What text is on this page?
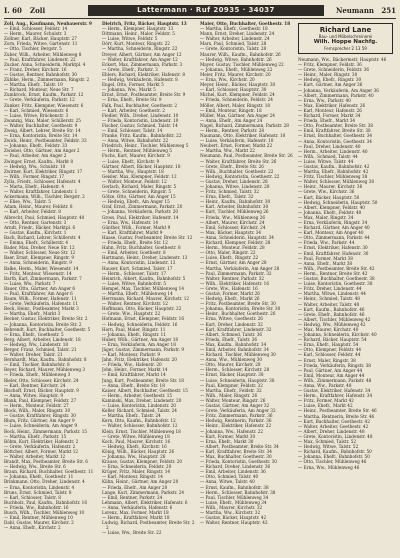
I. 60	Zoll	Lattermann · Ruf 20935 · 34037	Neumann	251

Zoll, Aug., Kaufmann, Neubauerstr. 9

— Emil, Schlosser, Feldstr. 14

— Herm., Maurer, Schulstr. 3

Zollner, Karl, Bäcker, Hauptstr. 27

Zorn, Frieda, Witwe, Gartenstr. 11

— Otto, Tischler, Bergstr. 5

Zuber, Wilh., Arbeiter, Mühlenweg 8

— Paul, Kraftfahrer, Lindenstr. 22

Zucker, Anna, Schneiderin, Marktpl. 4

— Franz, Dreher, Kirchstr. 16

— Gustav, Rentner, Bahnhofstr. 30

Zühlke, Herm., Zimmermann, Ringstr. 2

— Martha, Ehefr., Talstr. 19

— Richard, Monteur, Neue Str. 7

Zumbrock, Ernst, Kaufm., Parkstr. 12

— Grete, Verkäuferin, Parkstr. 12

Zunker, Fritz, Klempner, Wiesenstr. 6

— Karl, Schmied, Wiesenstr. 6

— Luise, Witwe, Brückenstr. 3

Zwanzig, Max, Maler, Schillerstr. 25

— Walter, Buchhalter, Goethestr. 9

Zweig, Albert, Lehrer, Breite Str. 14

— Erna, Kontoristin, Breite Str. 14

Zwick, Heinr., Postbeamter, Feldstr. 33

— Johanna, Ehefr., Feldstr. 33

Zwiebel, Otto, Gärtner, Am Anger 2

— Paul, Arbeiter, Am Anger 2

Zwinger, Ernst, Kaufm., Markt 8

— Hedwig, Ww., Schulstr. 10

Zwirner, Kurt, Elektriker, Ringstr. 17

— Wilh., Former, Ringstr. 17

Zylla, Friedr., Schlosser, Hafenstr. 4

— Marta, Ehefr., Hafenstr. 4

— Walter, Kraftfahrer, Lindenstr. 1

Ackermann, Wilh., Tischler, Bergstr. 2

— Elise, Ww., Talstr. 5

Adam, Heinr., Maurer, Feldstr. 8

— Karl, Arbeiter, Feldstr. 8

Albrecht, Paul, Schmied, Hauptstr. 40

— Otto, Rentner, Gartenstr. 3

Arndt, Friedr., Bäcker, Marktpl. 6

— Gustav, Kaufm., Kirchstr. 1

Bach, Richard, Lehrer, Schillerstr. 4

— Emma, Ehefr., Schillerstr. 4

Bader, Max, Dreher, Neue Str. 12

— Walter, Schlosser, Neue Str. 12

Baer, Ernst, Klempner, Ringstr. 9

— Anna, Schneiderin, Ringstr. 9

Balke, Herm., Maler, Wiesenstr. 14

— Fritz, Monteur, Wiesenstr. 14

Barth, Karl, Zimmermann, Parkstr. 7

— Luise, Ww., Parkstr. 7

Bauer, Otto, Gärtner, Am Anger 6

— Paul, Kraftfahrer, Am Anger 6

Baum, Wilh., Former, Hafenstr. 11

— Grete, Verkäuferin, Hafenstr. 11

Beck, Heinr., Postbeamter, Markt 3

— Martha, Ehefr., Markt 3

Becker, Gustav, Elektriker, Breite Str. 2

— Johanna, Kontoristin, Breite Str. 2

Behrendt, Kurt, Buchhalter, Goethestr. 5

— Erna, Ehefr., Goethestr. 5

Berg, Albert, Arbeiter, Lindenstr. 18

— Hedwig, Ww., Lindenstr. 18

Berger, Franz, Schmied, Talstr. 21

— Walter, Dreher, Talstr. 21

Bernhardt, Max, Kaufm., Bahnhofstr. 8

— Emil, Tischler, Bahnhofstr. 8

Beyer, Richard, Maurer, Mühlenweg 3

— Frieda, Ehefr., Mühlenweg 3

Bieler, Otto, Schlosser, Kirchstr. 24

— Karl, Rentner, Kirchstr. 24

Bischoff, Ernst, Bäcker, Hauptstr. 9

— Anna, Witwe, Hauptstr. 9

Blank, Paul, Klempner, Feldstr. 27

— Herm., Monteur, Feldstr. 27

Block, Wilh., Maler, Ringstr. 30

— Gustav, Kraftfahrer, Ringstr. 30

Blum, Fritz, Gärtner, Am Anger 9

— Luise, Schneiderin, Am Anger 9

Bock, Heinr., Zimmermann, Parkstr. 15

— Martha, Ehefr., Parkstr. 15

Böhm, Kurt, Elektriker, Hafenstr. 2

— Grete, Verkäuferin, Hafenstr. 2

Böttcher, Albert, Former, Markt 12

— Walter, Arbeiter, Markt 12

Brandt, Max, Postbeamter, Breite Str. 6

— Hedwig, Ww., Breite Str. 6

Braun, Richard, Buchhalter, Goethestr. 11

— Johanna, Ehefr., Goethestr. 11

Brinkmann, Otto, Dreher, Lindenstr. 4

— Erna, Kontoristin, Lindenstr. 4

Bruns, Ernst, Schmied, Talstr. 8

— Karl, Schlosser, Talstr. 8

Buchholz, Paul, Kaufm., Bahnhofstr. 16

— Frieda, Ww., Bahnhofstr. 16

Busch, Wilh., Tischler, Mühlenweg 10

— Emil, Rentner, Mühlenweg 10

Dahl, Gustav, Maurer, Kirchstr. 2

— Anna, Ehefr., Kirchstr. 2

Dietrich, Fritz, Bäcker, Hauptstr. 13

— Herm., Klempner, Hauptstr. 13

Dittmann, Heinr., Maler, Feldstr. 5

— Luise, Witwe, Feldstr. 5

Dörr, Kurt, Monteur, Ringstr. 22

— Martha, Schneiderin, Ringstr. 22

Dreyer, Albert, Gärtner, Am Anger 12

— Walter, Kraftfahrer, Am Anger 12

Eckert, Max, Zimmermann, Parkstr. 3

— Grete, Ehefr., Parkstr. 3

Ehlers, Richard, Elektriker, Hafenstr. 8

— Hedwig, Verkäuferin, Hafenstr. 8

Engel, Otto, Former, Markt 5

— Johanna, Ww., Markt 5

Ernst, Ernst, Postbeamter, Breite Str. 9

— Erna, Ehefr., Breite Str. 9

Falk, Paul, Buchhalter, Goethestr. 2

— Karl, Arbeiter, Goethestr. 2

Fiedler, Wilh., Dreher, Lindenstr. 10

— Frieda, Kontoristin, Lindenstr. 10

Fischer, Gustav, Schmied, Talstr. 14

— Emil, Schlosser, Talstr. 14

Franke, Fritz, Kaufm., Bahnhofstr. 22

— Anna, Witwe, Bahnhofstr. 22

Friedrich, Heinr., Tischler, Mühlenweg 5

— Herm., Rentner, Mühlenweg 5

Fuchs, Kurt, Maurer, Kirchstr. 9

— Luise, Ehefr., Kirchstr. 9

Gärtner, Albert, Bäcker, Hauptstr. 18

— Martha, Ww., Hauptstr. 18

Geisler, Max, Klempner, Feldstr. 12

— Walter, Monteur, Feldstr. 12

Gerlach, Richard, Maler, Ringstr. 5

— Grete, Schneiderin, Ringstr. 5

Götze, Otto, Gärtner, Am Anger 15

— Hedwig, Ehefr., Am Anger 15

Graf, Ernst, Zimmermann, Parkstr. 20

— Johanna, Verkäuferin, Parkstr. 20

Gross, Paul, Elektriker, Hafenstr. 14

— Erna, Ww., Hafenstr. 14

Günther, Wilh., Former, Markt 9

— Karl, Kraftfahrer, Markt 9

Haase, Gustav, Postbeamter, Breite Str. 12

— Frieda, Ehefr., Breite Str. 12

Hahn, Fritz, Buchhalter, Goethestr. 8

— Emil, Arbeiter, Goethestr. 8

Hartmann, Heinr., Dreher, Lindenstr. 13

— Anna, Kontoristin, Lindenstr. 13

Hauser, Kurt, Schmied, Talstr. 17

— Herm., Schlosser, Talstr. 17

Heinrich, Albert, Kaufm., Bahnhofstr. 5

— Luise, Witwe, Bahnhofstr. 5

Hempel, Max, Tischler, Mühlenweg 14

— Martha, Ehefr., Mühlenweg 14

Herrmann, Richard, Maurer, Kirchstr. 12

— Walter, Rentner, Kirchstr. 12

Hoffmann, Otto, Bäcker, Hauptstr. 22

— Grete, Ww., Hauptstr. 22

Hofmann, Ernst, Klempner, Feldstr. 16

— Hedwig, Schneiderin, Feldstr. 16

Horn, Paul, Maler, Ringstr. 11

— Johanna, Ehefr., Ringstr. 11

Huber, Wilh., Gärtner, Am Anger 18

— Erna, Verkäuferin, Am Anger 18

Jäger, Gustav, Zimmermann, Parkstr. 9

— Karl, Monteur, Parkstr. 9

Jahn, Fritz, Elektriker, Hafenstr. 20

— Frieda, Ww., Hafenstr. 20

John, Heinr., Former, Markt 14

— Emil, Kraftfahrer, Markt 14

Jung, Kurt, Postbeamter, Breite Str. 18

— Anna, Ehefr., Breite Str. 18

Kaiser, Albert, Buchhalter, Goethestr. 15

— Herm., Arbeiter, Goethestr. 15

Kaminski, Max, Dreher, Lindenstr. 20

— Luise, Kontoristin, Lindenstr. 20

Keller, Richard, Schmied, Talstr. 24

— Martha, Ehefr., Talstr. 24

Kern, Otto, Kaufm., Bahnhofstr. 12

— Walter, Schlosser, Bahnhofstr. 12

Klein, Ernst, Tischler, Mühlenweg 18

— Grete, Witwe, Mühlenweg 18

Koch, Paul, Maurer, Kirchstr. 16

— Hedwig, Ehefr., Kirchstr. 16

König, Wilh., Bäcker, Hauptstr. 26

— Johanna, Ww., Hauptstr. 26

Krause, Gustav, Klempner, Feldstr. 20

— Erna, Schneiderin, Feldstr. 20

Krüger, Fritz, Maler, Ringstr. 14

— Karl, Monteur, Ringstr. 14

Kühn, Heinr., Gärtner, Am Anger 20

— Frieda, Ehefr., Am Anger 20

Lange, Kurt, Zimmermann, Parkstr. 24

— Emil, Rentner, Parkstr. 24

Lehmann, Albert, Elektriker, Hafenstr. 6

— Anna, Verkäuferin, Hafenstr. 6

Lorenz, Max, Former, Markt 18

— Herm., Kraftfahrer, Markt 18

Ludwig, Richard, Postbeamter, Breite Str. 22

— Luise, Ww., Breite Str. 22

Maier, Otto, Buchhalter, Goethestr. 18

— Martha, Ehefr., Goethestr. 18

Mann, Ernst, Dreher, Lindenstr. 24

— Walter, Arbeiter, Lindenstr. 24

Marx, Paul, Schmied, Talstr. 28

— Grete, Kontoristin, Talstr. 28

Maurer, Wilh., Kaufm., Bahnhofstr. 26

— Hedwig, Witwe, Bahnhofstr. 26

Mayer, Gustav, Tischler, Mühlenweg 22

— Johanna, Ehefr., Mühlenweg 22

Meier, Fritz, Maurer, Kirchstr. 20

— Erna, Ww., Kirchstr. 20

Meyer, Heinr., Bäcker, Hauptstr. 30

— Karl, Schlosser, Hauptstr. 30

Michel, Kurt, Klempner, Feldstr. 24

— Frieda, Schneiderin, Feldstr. 24

Möller, Albert, Maler, Ringstr. 18

— Emil, Monteur, Ringstr. 18

Müller, Max, Gärtner, Am Anger 24

— Anna, Ehefr., Am Anger 24

Nagel, Richard, Zimmermann, Parkstr. 28

— Herm., Rentner, Parkstr. 28

Naumann, Otto, Elektriker, Hafenstr. 10

— Luise, Verkäuferin, Hafenstr. 10

Neubert, Ernst, Former, Markt 22

— Martha, Ww., Markt 22

Neumann, Paul, Postbeamter, Breite Str. 26

— Walter, Kraftfahrer, Breite Str. 26

— Grete, Ehefr., Breite Str. 26

— Wilh., Buchhalter, Goethestr. 22

— Hedwig, Kontoristin, Goethestr. 22

— Gustav, Dreher, Lindenstr. 28

— Johanna, Witwe, Lindenstr. 28

— Fritz, Schmied, Talstr. 32

— Erna, Ehefr., Talstr. 32

— Heinr., Kaufm., Bahnhofstr. 30

— Karl, Arbeiter, Bahnhofstr. 30

— Kurt, Tischler, Mühlenweg 26

— Frieda, Ww., Mühlenweg 26

— Albert, Maurer, Kirchstr. 24

— Emil, Schlosser, Kirchstr. 24

— Max, Bäcker, Hauptstr. 34

— Anna, Schneiderin, Hauptstr. 34

— Richard, Klempner, Feldstr. 28

— Herm., Monteur, Feldstr. 28

— Otto, Maler, Ringstr. 22

— Luise, Ehefr., Ringstr. 22

— Ernst, Gärtner, Am Anger 28

— Martha, Verkäuferin, Am Anger 28

— Paul, Zimmermann, Parkstr. 32

— Walter, Rentner, Parkstr. 32

— Wilh., Elektriker, Hafenstr. 16

— Grete, Ww., Hafenstr. 16

— Gustav, Former, Markt 26

— Hedwig, Ehefr., Markt 26

— Fritz, Postbeamter, Breite Str. 30

— Johanna, Kontoristin, Breite Str. 30

— Heinr., Buchhalter, Goethestr. 26

— Erna, Witwe, Goethestr. 26

— Kurt, Dreher, Lindenstr. 32

— Karl, Kraftfahrer, Lindenstr. 32

— Albert, Schmied, Talstr. 36

— Frieda, Ehefr., Talstr. 36

— Max, Kaufm., Bahnhofstr. 34

— Emil, Arbeiter, Bahnhofstr. 34

— Richard, Tischler, Mühlenweg 30

— Anna, Ww., Mühlenweg 30

— Otto, Maurer, Kirchstr. 28

— Herm., Schlosser, Kirchstr. 28

— Ernst, Bäcker, Hauptstr. 38

— Luise, Schneiderin, Hauptstr. 38

— Paul, Klempner, Feldstr. 32

— Martha, Ehefr., Feldstr. 32

— Wilh., Maler, Ringstr. 26

— Walter, Monteur, Ringstr. 26

— Gustav, Gärtner, Am Anger 32

— Grete, Verkäuferin, Am Anger 32

— Fritz, Zimmermann, Parkstr. 36

— Hedwig, Rentnerin, Parkstr. 36

— Heinr., Elektriker, Hafenstr. 22

— Johanna, Ww., Hafenstr. 22

— Kurt, Former, Markt 30

— Erna, Ehefr., Markt 30

— Albert, Postbeamter, Breite Str. 34

— Karl, Kraftfahrer, Breite Str. 34

— Max, Buchhalter, Goethestr. 30

— Frieda, Kontoristin, Goethestr. 30

— Richard, Dreher, Lindenstr. 36

— Emil, Arbeiter, Lindenstr. 36

— Otto, Schmied, Talstr. 40

— Anna, Witwe, Talstr. 40

— Ernst, Kaufm., Bahnhofstr. 38

— Herm., Schlosser, Bahnhofstr. 38

— Paul, Tischler, Mühlenweg 34

— Luise, Ehefr., Mühlenweg 34

— Wilh., Maurer, Kirchstr. 32

— Martha, Ww., Kirchstr. 32

— Gustav, Bäcker, Hauptstr. 42

— Walter, Rentner, Hauptstr. 42

Richard Lane
Bau- und Möbelschreinerei
Wilh. Hoppe Nachfg.
Fernsprecher 2 13 59

Neumann, Ww., Bäckermstr. Hauptstr. 46

— Fritz, Klempner, Feldstr. 36

— Grete, Schneiderin, Feldstr. 36

— Heinr., Maler, Ringstr. 30

— Hedwig, Ehefr., Ringstr. 30

— Kurt, Gärtner, Am Anger 36

— Johanna, Verkäuferin, Am Anger 36

— Albert, Zimmermann, Parkstr. 40

— Erna, Ww., Parkstr. 40

— Max, Elektriker, Hafenstr. 26

— Karl, Monteur, Hafenstr. 26

— Richard, Former, Markt 34

— Frieda, Ehefr., Markt 34

— Otto, Postbeamter, Breite Str. 38

— Emil, Kraftfahrer, Breite Str. 38

— Ernst, Buchhalter, Goethestr. 34

— Anna, Kontoristin, Goethestr. 34

— Paul, Dreher, Lindenstr. 40

— Herm., Arbeiter, Lindenstr. 40

— Wilh., Schmied, Talstr. 44

— Luise, Witwe, Talstr. 44

— Gustav, Kaufm., Bahnhofstr. 42

— Martha, Ehefr., Bahnhofstr. 42

— Fritz, Tischler, Mühlenweg 38

— Walter, Schlosser, Mühlenweg 38

— Heinr., Maurer, Kirchstr. 36

— Grete, Ww., Kirchstr. 36

— Kurt, Bäcker, Hauptstr. 50

— Hedwig, Schneiderin, Hauptstr. 50

— Albert, Klempner, Feldstr. 40

— Johanna, Ehefr., Feldstr. 40

— Max, Maler, Ringstr. 34

— Erna, Verkäuferin, Ringstr. 34

— Richard, Gärtner, Am Anger 40

— Karl, Monteur, Am Anger 40

— Otto, Zimmermann, Parkstr. 44

— Frieda, Ww., Parkstr. 44

— Ernst, Elektriker, Hafenstr. 30

— Emil, Kraftfahrer, Hafenstr. 30

— Paul, Former, Markt 38

— Anna, Ehefr., Markt 38

— Wilh., Postbeamter, Breite Str. 42

— Herm., Rentner, Breite Str. 42

— Gustav, Buchhalter, Goethestr. 38

— Luise, Kontoristin, Goethestr. 38

— Fritz, Dreher, Lindenstr. 44

— Martha, Witwe, Lindenstr. 44

— Heinr., Schmied, Talstr. 48

— Walter, Arbeiter, Talstr. 48

— Kurt, Kaufm., Bahnhofstr. 46

— Grete, Ehefr., Bahnhofstr. 46

— Albert, Tischler, Mühlenweg 42

— Hedwig, Ww., Mühlenweg 42

— Max, Maurer, Kirchstr. 40

— Johanna, Schneiderin, Kirchstr. 40

— Richard, Bäcker, Hauptstr. 54

— Erna, Ehefr., Hauptstr. 54

— Otto, Klempner, Feldstr. 44

— Karl, Schlosser, Feldstr. 44

— Ernst, Maler, Ringstr. 38

— Frieda, Verkäuferin, Ringstr. 38

— Paul, Gärtner, Am Anger 44

— Emil, Monteur, Am Anger 44

— Wilh., Zimmermann, Parkstr. 48

— Anna, Ww., Parkstr. 48

— Gustav, Elektriker, Hafenstr. 34

— Herm., Kraftfahrer, Hafenstr. 34

— Fritz, Former, Markt 42

— Luise, Ehefr., Markt 42

— Heinr., Postbeamter, Breite Str. 46

— Martha, Rentnerin, Breite Str. 46

— Kurt, Buchhalter, Goethestr. 42

— Walter, Arbeiter, Goethestr. 42

— Albert, Dreher, Lindenstr. 48

— Grete, Kontoristin, Lindenstr. 48

— Max, Schmied, Talstr. 52

— Hedwig, Witwe, Talstr. 52

— Richard, Kaufm., Bahnhofstr. 50

— Johanna, Ehefr., Bahnhofstr. 50

— Otto, Tischler, Mühlenweg 46

— Erna, Ww., Mühlenweg 46
